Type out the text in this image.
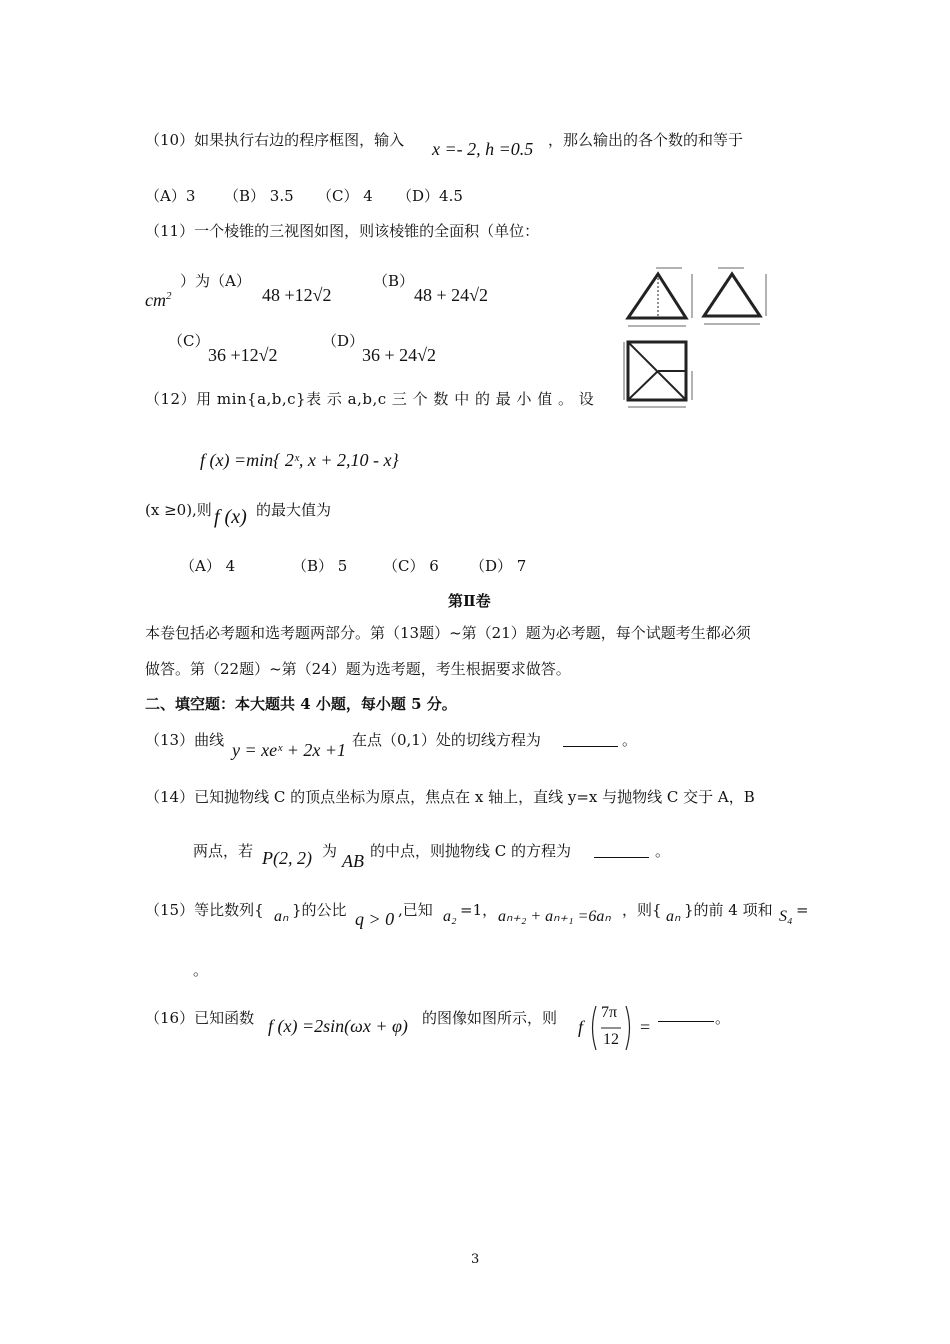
（10）如果执行右边的程序框图，输入 x =- 2, h =0.5 ，那么输出的各个数的和等于
（A）3 （B） 3.5 （C） 4 （D）4.5
（11）一个棱锥的三视图如图，则该棱锥的全面积（单位：
$cm^2$
）为（A）
48 +12√2
（B）
48 + 24√2
（C）
36 +12√2
（D）
36 + 24√2
（12）用 min{a,b,c}表 示 a,b,c 三 个 数 中 的 最 小 值 。 设
f (x) =min{ 2ˣ, x + 2,10 - x}
(x ≥0),则 f (x) 的最大值为
（A） 4	（B） 5 （C） 6 （D） 7
第Ⅱ卷
本卷包括必考题和选考题两部分。第（13题）~第（21）题为必考题，每个试题考生都必须
做答。第（22题）~第（24）题为选考题，考生根据要求做答。
二、填空题：本大题共 4 小题，每小题 5 分。
（13）曲线 y = xeˣ + 2x +1 在点（0,1）处的切线方程为	。
（14）已知抛物线 C 的顶点坐标为原点，焦点在 x 轴上，直线 y=x 与抛物线 C 交于 A，B
两点，若 P(2, 2) 为 AB 的中点，则抛物线 C 的方程为	。
（15）等比数列{ aₙ }的公比 q > 0 ,已知 a₂ =1， aₙ₊₂ + aₙ₊₁ =6aₙ ，则{ aₙ }的前 4 项和 S₄ =
。
（16）已知函数 f (x) =2sin(ωx + φ) 的图像如图所示，则 f
7π
12
=	。
3
